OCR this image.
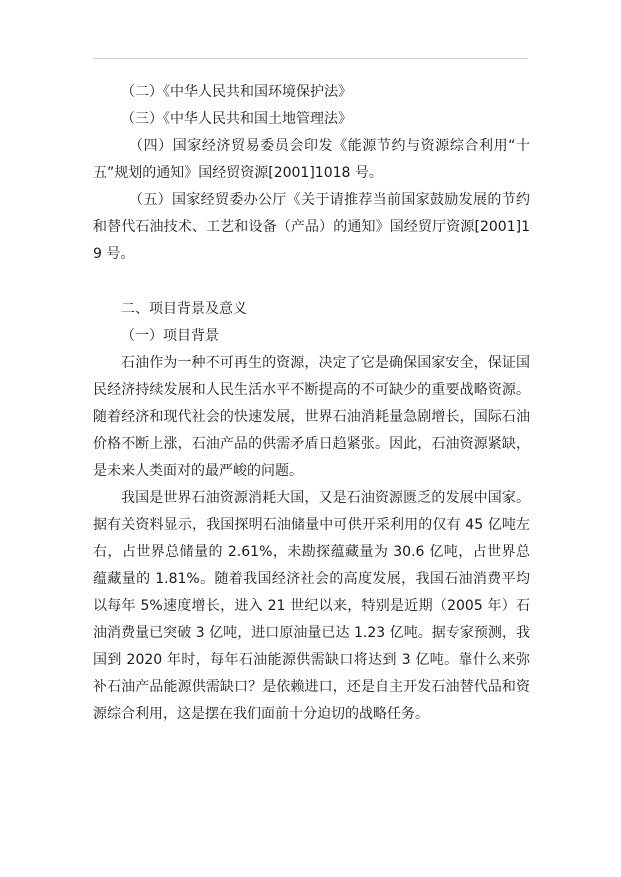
（二）《中华人民共和国环境保护法》

（三）《中华人民共和国土地管理法》

（四）国家经济贸易委员会印发《能源节约与资源综合利用“十五”规划的通知》国经贸资源[2001]1018 号。

（五）国家经贸委办公厅《关于请推荐当前国家鼓励发展的节约和替代石油技术、工艺和设备（产品）的通知》国经贸厅资源[2001]19 号。

二、项目背景及意义

（一）项目背景

石油作为一种不可再生的资源，决定了它是确保国家安全，保证国民经济持续发展和人民生活水平不断提高的不可缺少的重要战略资源。随着经济和现代社会的快速发展，世界石油消耗量急剧增长，国际石油价格不断上涨，石油产品的供需矛盾日趋紧张。因此，石油资源紧缺，是未来人类面对的最严峻的问题。

我国是世界石油资源消耗大国，又是石油资源匮乏的发展中国家。据有关资料显示，我国探明石油储量中可供开采利用的仅有 45 亿吨左右，占世界总储量的 2.61%，未勘探蕴藏量为 30.6 亿吨，占世界总蕴藏量的 1.81%。随着我国经济社会的高度发展，我国石油消费平均以每年 5%速度增长，进入 21 世纪以来，特别是近期（2005 年）石油消费量已突破 3 亿吨，进口原油量已达 1.23 亿吨。据专家预测，我国到 2020 年时，每年石油能源供需缺口将达到 3 亿吨。靠什么来弥补石油产品能源供需缺口？是依赖进口，还是自主开发石油替代品和资源综合利用，这是摆在我们面前十分迫切的战略任务。
